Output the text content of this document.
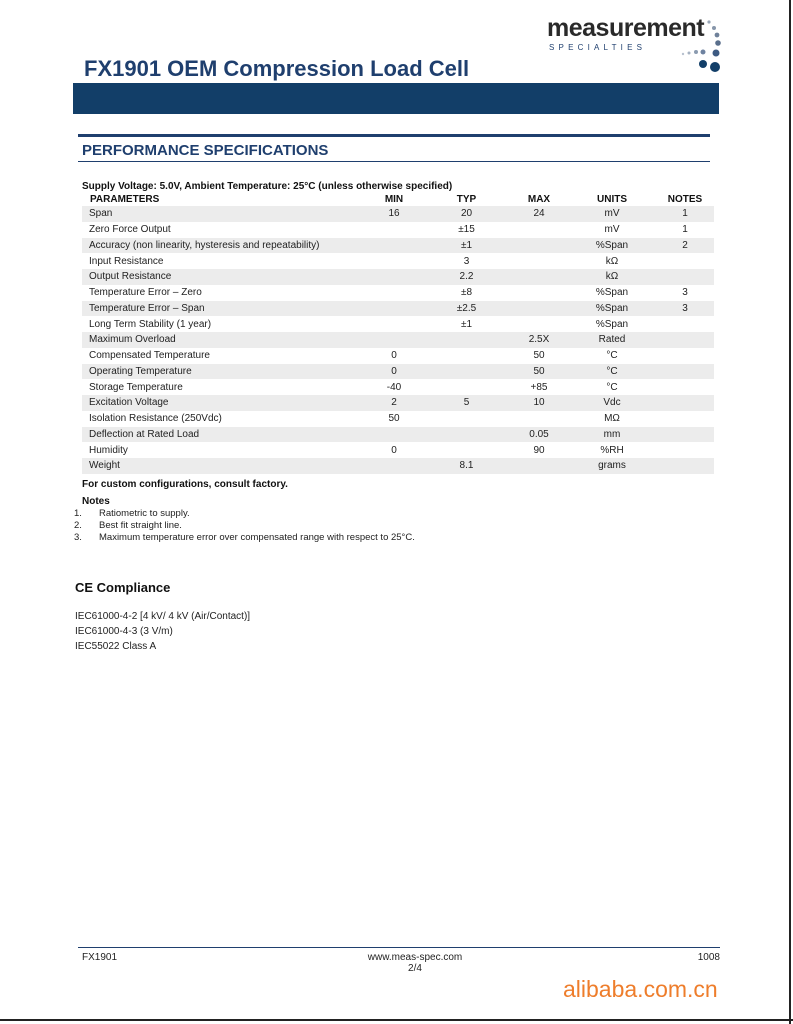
measurement
SPECIALTIES
FX1901 OEM Compression Load Cell
PERFORMANCE SPECIFICATIONS
Supply Voltage: 5.0V, Ambient Temperature: 25°C (unless otherwise specified)
PARAMETERS	MIN	TYP	MAX	UNITS	NOTES
Span	16	20	24	mV	1
Zero Force Output		±15		mV	1
Accuracy (non linearity, hysteresis and repeatability)		±1		%Span	2
Input Resistance		3		kΩ	
Output Resistance		2.2		kΩ	
Temperature Error – Zero		±8		%Span	3
Temperature Error – Span		±2.5		%Span	3
Long Term Stability (1 year)		±1		%Span	
Maximum Overload			2.5X	Rated	
Compensated Temperature	0		50	°C	
Operating Temperature	0		50	°C	
Storage Temperature	-40		+85	°C	
Excitation Voltage	2	5	10	Vdc	
Isolation Resistance (250Vdc)	50			MΩ	
Deflection at Rated Load			0.05	mm	
Humidity	0		90	%RH	
Weight		8.1		grams	
For custom configurations, consult factory.
Notes
1. Ratiometric to supply.
2. Best fit straight line.
3. Maximum temperature error over compensated range with respect to 25°C.
CE Compliance
IEC61000-4-2 [4 kV/ 4 kV (Air/Contact)]
IEC61000-4-3 (3 V/m)
IEC55022 Class A
FX1901	www.meas-spec.com
2/4
1008
alibaba.com.cn
